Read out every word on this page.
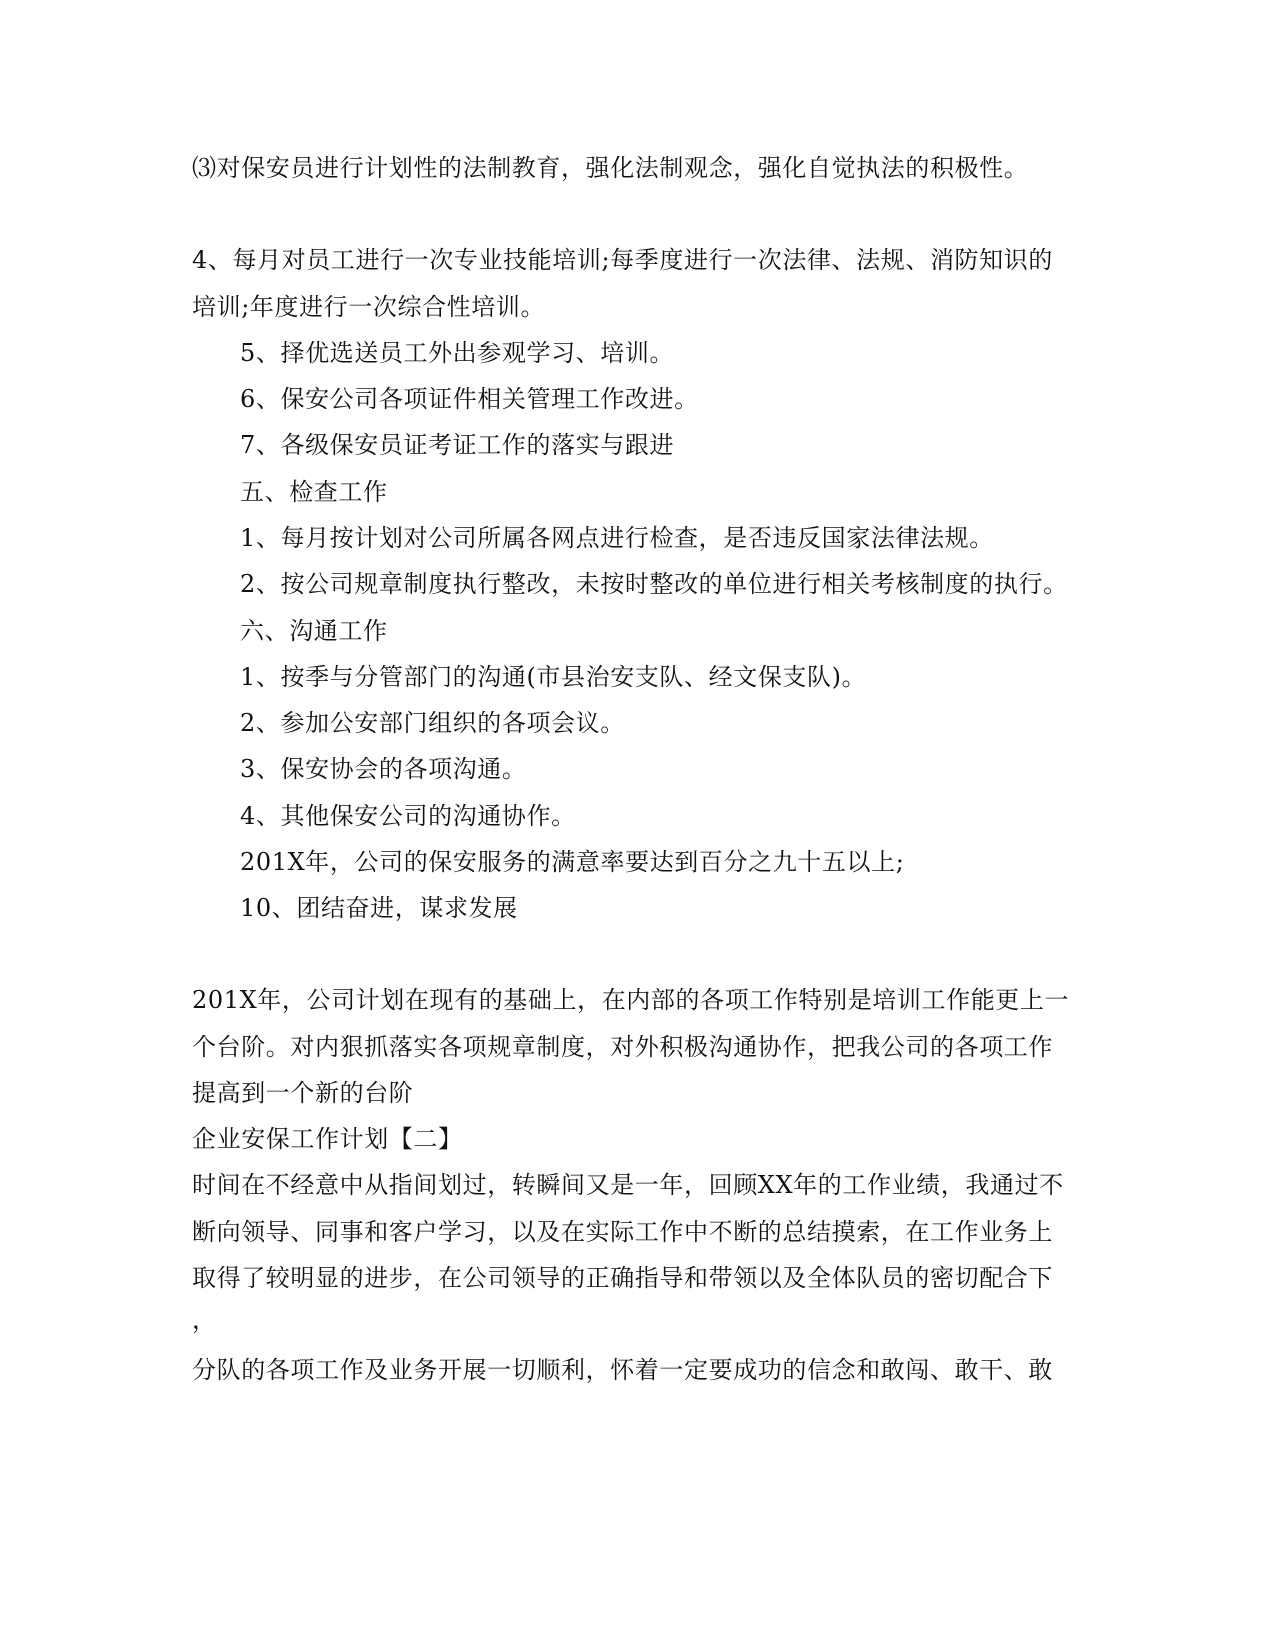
⑶对保安员进行计划性的法制教育，强化法制观念，强化自觉执法的积极性。
4、每月对员工进行一次专业技能培训;每季度进行一次法律、法规、消防知识的
培训;年度进行一次综合性培训。
5、择优选送员工外出参观学习、培训。
6、保安公司各项证件相关管理工作改进。
7、各级保安员证考证工作的落实与跟进
五、检查工作
1、每月按计划对公司所属各网点进行检查，是否违反国家法律法规。
2、按公司规章制度执行整改，未按时整改的单位进行相关考核制度的执行。
六、沟通工作
1、按季与分管部门的沟通(市县治安支队、经文保支队)。
2、参加公安部门组织的各项会议。
3、保安协会的各项沟通。
4、其他保安公司的沟通协作。
201X年，公司的保安服务的满意率要达到百分之九十五以上;
10、团结奋进，谋求发展
201X年，公司计划在现有的基础上，在内部的各项工作特别是培训工作能更上一
个台阶。对内狠抓落实各项规章制度，对外积极沟通协作，把我公司的各项工作
提高到一个新的台阶
企业安保工作计划【二】
时间在不经意中从指间划过，转瞬间又是一年，回顾XX年的工作业绩，我通过不
断向领导、同事和客户学习，以及在实际工作中不断的总结摸索，在工作业务上
取得了较明显的进步，在公司领导的正确指导和带领以及全体队员的密切配合下
，
分队的各项工作及业务开展一切顺利，怀着一定要成功的信念和敢闯、敢干、敢
